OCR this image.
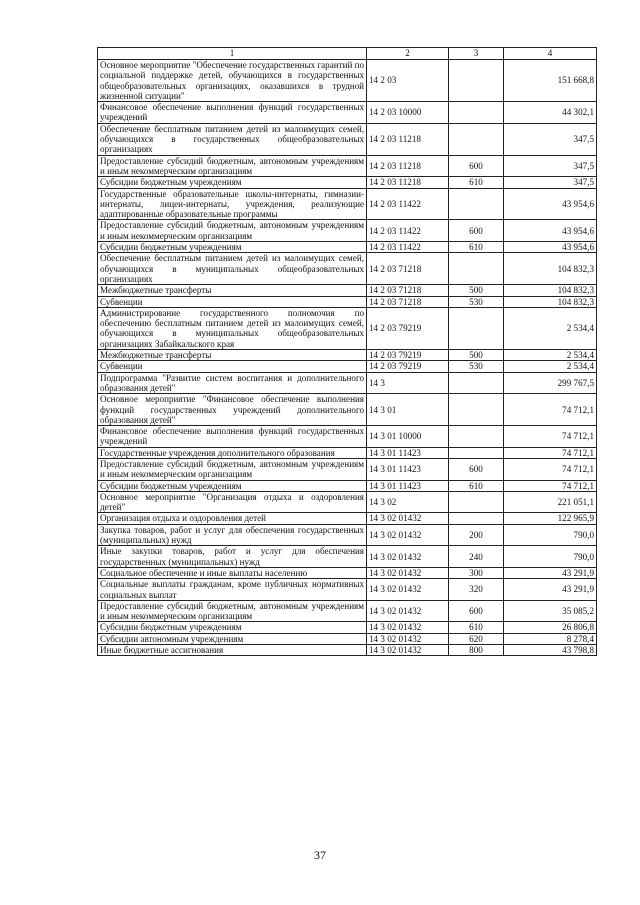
1	2	3	4
Основное мероприятие "Обеспечение государственных гарантий по социальной поддержке детей, обучающихся в государственных общеобразовательных организациях, оказавшихся в трудной жизненной ситуации"	14 2 03		151 668,8
Финансовое обеспечение выполнения функций государственных учреждений	14 2 03 10000		44 302,1
Обеспечение бесплатным питанием детей из малоимущих семей, обучающихся в государственных общеобразовательных организациях	14 2 03 11218		347,5
Предоставление субсидий бюджетным, автономным учреждениям и иным некоммерческим организациям	14 2 03 11218	600	347,5
Субсидии бюджетным учреждениям	14 2 03 11218	610	347,5
Государственные образовательные школы-интернаты, гимназии-интернаты, лицеи-интернаты, учреждения, реализующие адаптированные образовательные программы	14 2 03 11422		43 954,6
Предоставление субсидий бюджетным, автономным учреждениям и иным некоммерческим организациям	14 2 03 11422	600	43 954,6
Субсидии бюджетным учреждениям	14 2 03 11422	610	43 954,6
Обеспечение бесплатным питанием детей из малоимущих семей, обучающихся в муниципальных общеобразовательных организациях	14 2 03 71218		104 832,3
Межбюджетные трансферты	14 2 03 71218	500	104 832,3
Субвенции	14 2 03 71218	530	104 832,3
Администрирование государственного полномочия по обеспечению бесплатным питанием детей из малоимущих семей, обучающихся в муниципальных общеобразовательных организациях Забайкальского края	14 2 03 79219		2 534,4
Межбюджетные трансферты	14 2 03 79219	500	2 534,4
Субвенции	14 2 03 79219	530	2 534,4
Подпрограмма "Развитие систем воспитания и дополнительного образования детей"	14 3		299 767,5
Основное мероприятие "Финансовое обеспечение выполнения функций государственных учреждений дополнительного образования детей"	14 3 01		74 712,1
Финансовое обеспечение выполнения функций государственных учреждений	14 3 01 10000		74 712,1
Государственные учреждения дополнительного образования	14 3 01 11423		74 712,1
Предоставление субсидий бюджетным, автономным учреждениям и иным некоммерческим организациям	14 3 01 11423	600	74 712,1
Субсидии бюджетным учреждениям	14 3 01 11423	610	74 712,1
Основное мероприятие "Организация отдыха и оздоровления детей"	14 3 02		221 051,1
Организация отдыха и оздоровления детей	14 3 02 01432		122 965,9
Закупка товаров, работ и услуг для обеспечения государственных (муниципальных) нужд	14 3 02 01432	200	790,0
Иные закупки товаров, работ и услуг для обеспечения государственных (муниципальных) нужд	14 3 02 01432	240	790,0
Социальное обеспечение и иные выплаты населению	14 3 02 01432	300	43 291,9
Социальные выплаты гражданам, кроме публичных нормативных социальных выплат	14 3 02 01432	320	43 291,9
Предоставление субсидий бюджетным, автономным учреждениям и иным некоммерческим организациям	14 3 02 01432	600	35 085,2
Субсидии бюджетным учреждениям	14 3 02 01432	610	26 806,8
Субсидии автономным учреждениям	14 3 02 01432	620	8 278,4
Иные бюджетные ассигнования	14 3 02 01432	800	43 798,8
37
